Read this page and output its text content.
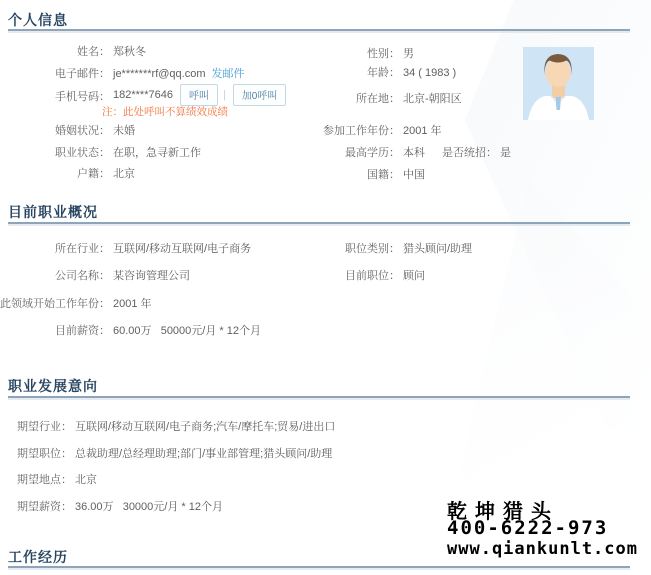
个人信息
姓名： 郑秋冬	性别： 男
电子邮件： je*******rf@qq.com 发邮件	年龄： 34 ( 1983 )
手机号码： 182****7646 呼叫 | 加0呼叫
注：此处呼叫不算绩效成绩
所在地： 北京-朝阳区
婚姻状况： 未婚	参加工作年份： 2001 年
职业状态： 在职，急寻新工作	最高学历： 本科 是否统招： 是
户籍： 北京	国籍： 中国
目前职业概况
所在行业： 互联网/移动互联网/电子商务	职位类别： 猎头顾问/助理
公司名称： 某咨询管理公司	目前职位： 顾问
此领域开始工作年份： 2001 年
目前薪资： 60.00万   50000元/月 * 12个月
职业发展意向
期望行业： 互联网/移动互联网/电子商务;汽车/摩托车;贸易/进出口
期望职位： 总裁助理/总经理助理;部门/事业部管理;猎头顾问/助理
期望地点： 北京
期望薪资： 36.00万   30000元/月 * 12个月
工作经历
乾坤猎头
400-6222-973
www.qiankunlt.com
